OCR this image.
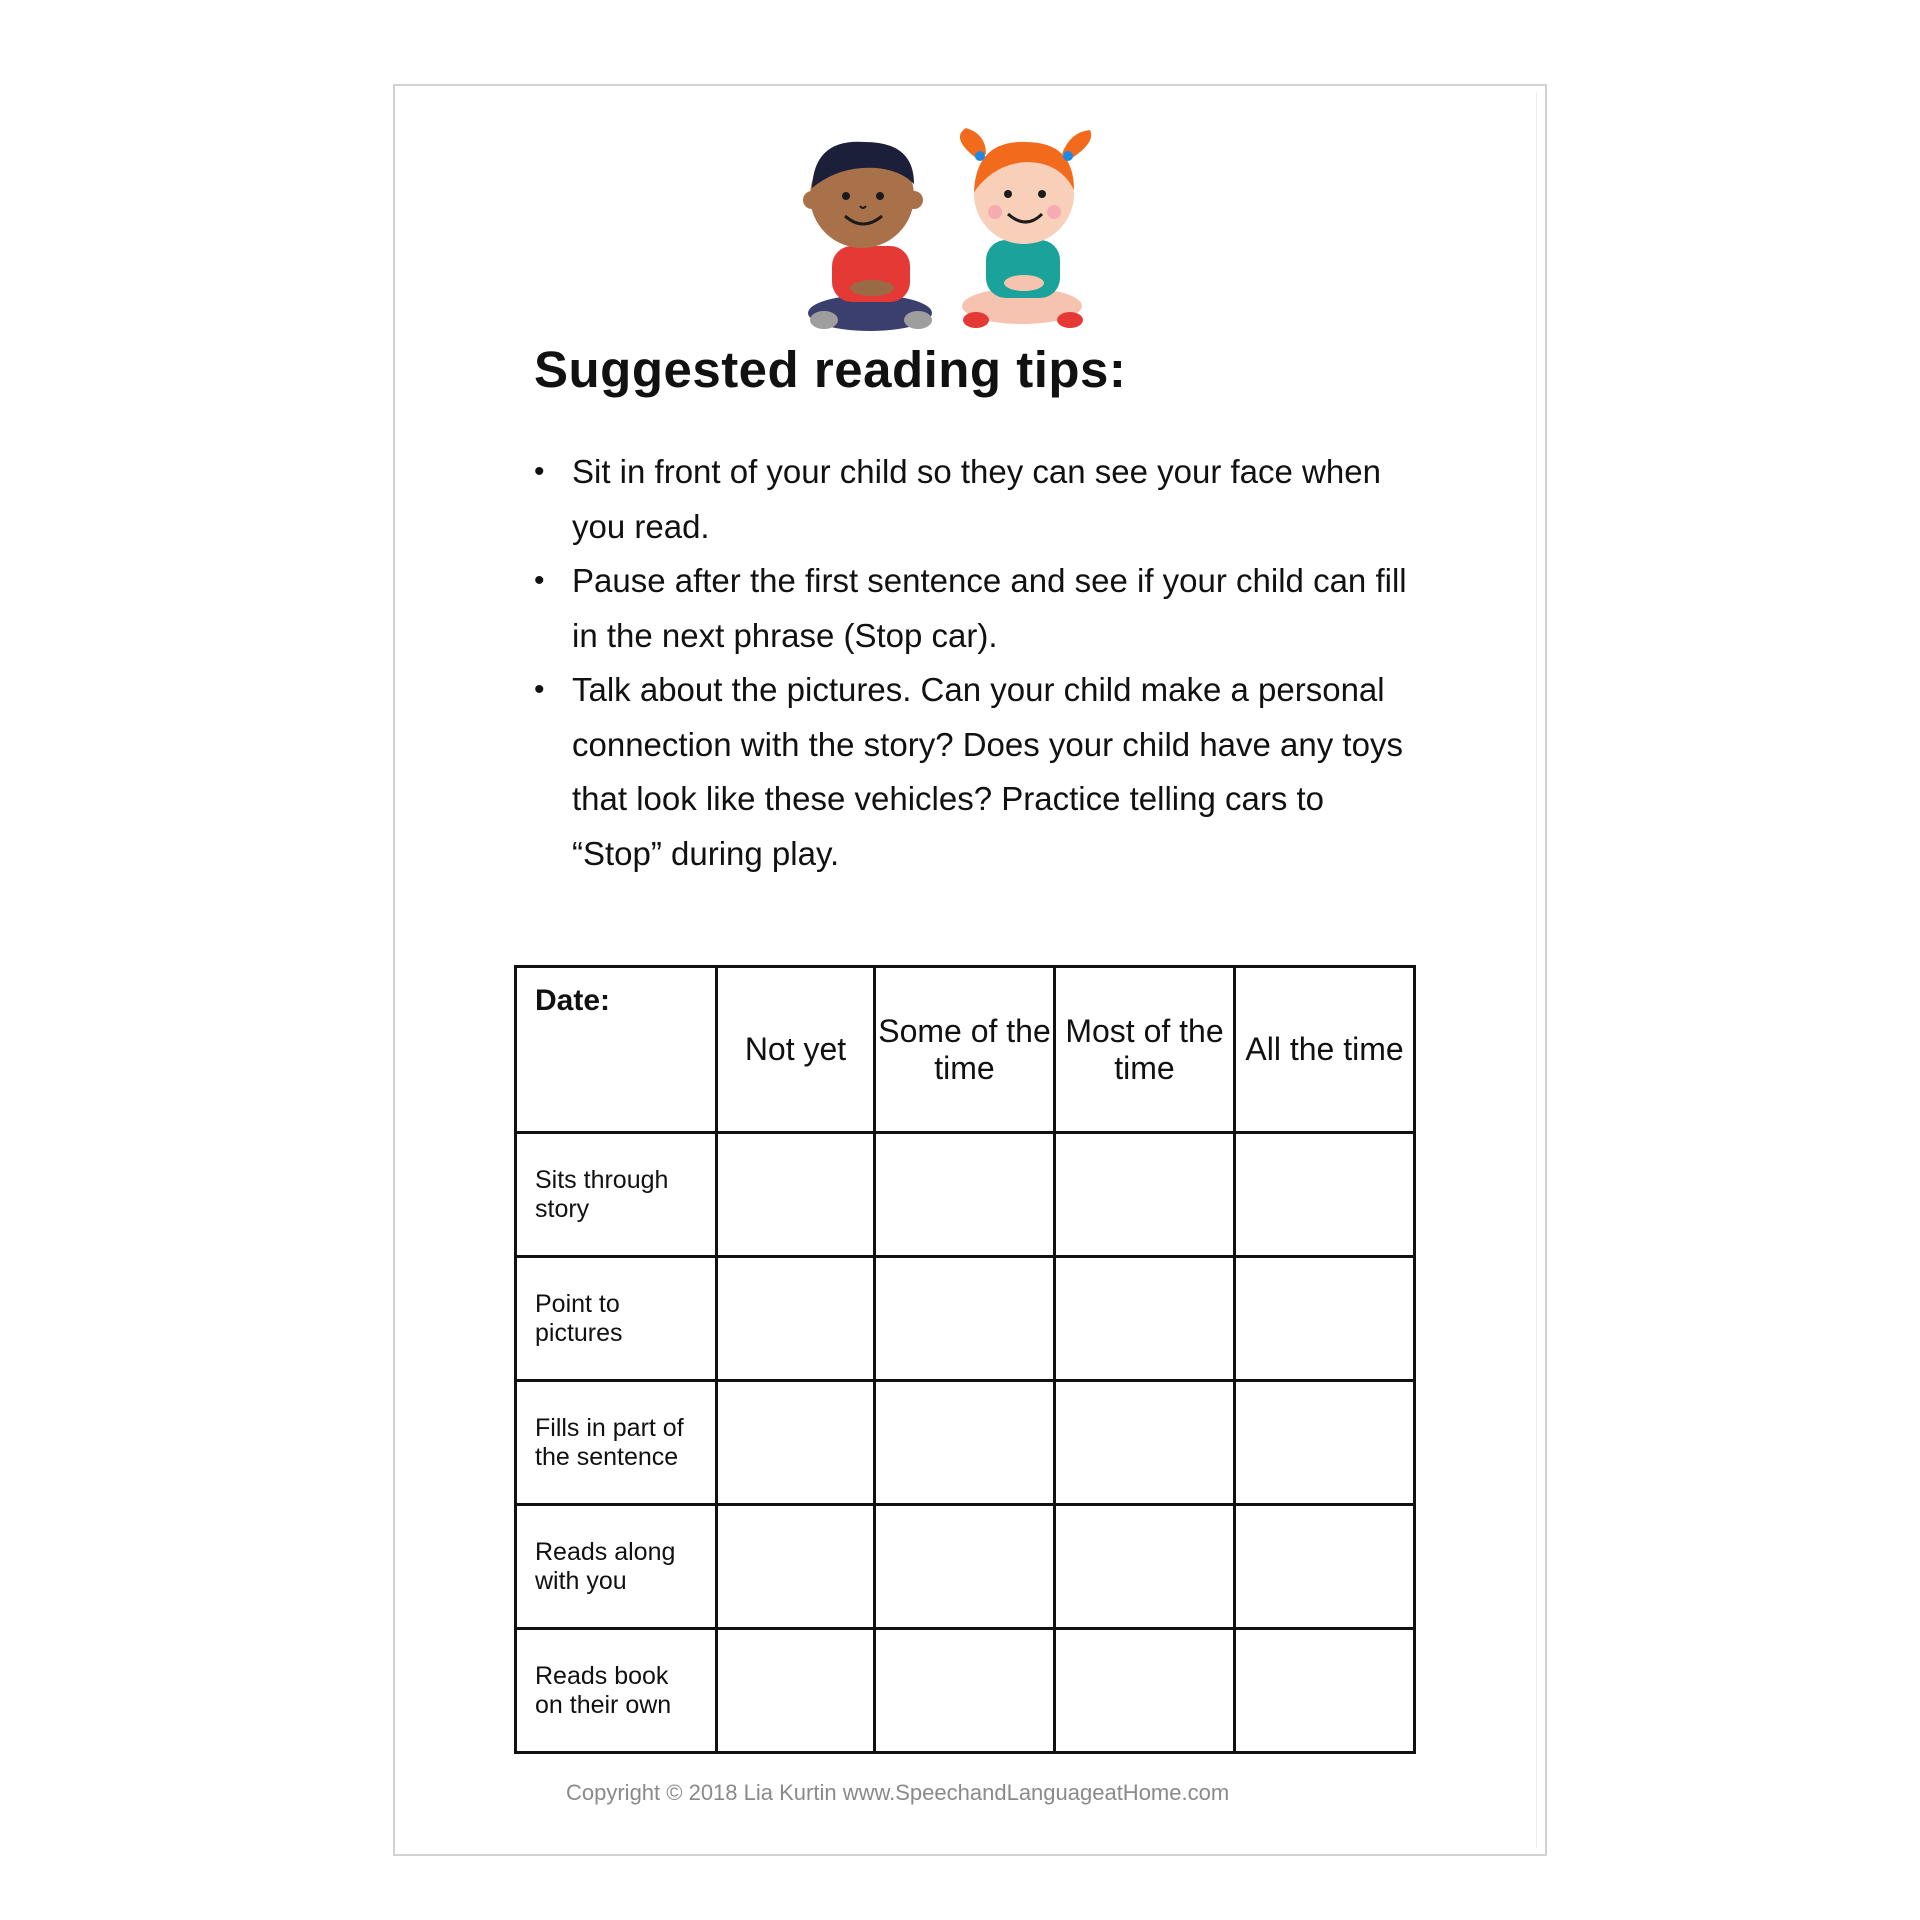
Suggested reading tips:
• Sit in front of your child so they can see your face when you read.
• Pause after the first sentence and see if your child can fill in the next phrase (Stop car).
• Talk about the pictures. Can your child make a personal connection with the story? Does your child have any toys that look like these vehicles? Practice telling cars to “Stop” during play.
Date:	Not yet	Some of the time	Most of the time	All the time
Sits through story				
Point to pictures				
Fills in part of the sentence				
Reads along with you				
Reads book on their own				
Copyright © 2018 Lia Kurtin www.SpeechandLanguageatHome.com
